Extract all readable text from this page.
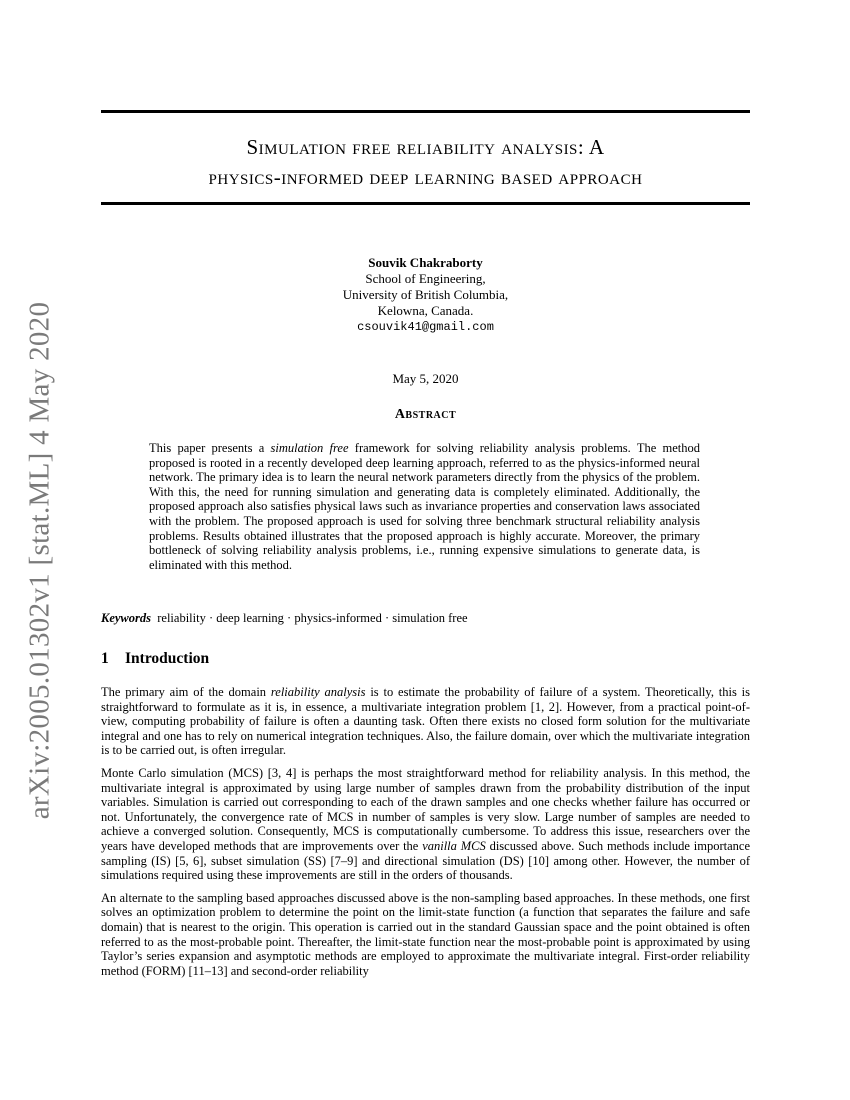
arXiv:2005.01302v1 [stat.ML] 4 May 2020
Simulation free reliability analysis: A
physics-informed deep learning based approach
Souvik Chakraborty
School of Engineering,
University of British Columbia,
Kelowna, Canada.
csouvik41@gmail.com
May 5, 2020
Abstract
This paper presents a simulation free framework for solving reliability analysis problems. The method proposed is rooted in a recently developed deep learning approach, referred to as the physics-informed neural network. The primary idea is to learn the neural network parameters directly from the physics of the problem. With this, the need for running simulation and generating data is completely eliminated. Additionally, the proposed approach also satisfies physical laws such as invariance properties and conservation laws associated with the problem. The proposed approach is used for solving three benchmark structural reliability analysis problems. Results obtained illustrates that the proposed approach is highly accurate. Moreover, the primary bottleneck of solving reliability analysis problems, i.e., running expensive simulations to generate data, is eliminated with this method.
Keywords reliability · deep learning · physics-informed · simulation free
1 Introduction

The primary aim of the domain reliability analysis is to estimate the probability of failure of a system. Theoretically, this is straightforward to formulate as it is, in essence, a multivariate integration problem [1, 2]. However, from a practical point-of-view, computing probability of failure is often a daunting task. Often there exists no closed form solution for the multivariate integral and one has to rely on numerical integration techniques. Also, the failure domain, over which the multivariate integration is to be carried out, is often irregular.

Monte Carlo simulation (MCS) [3, 4] is perhaps the most straightforward method for reliability analysis. In this method, the multivariate integral is approximated by using large number of samples drawn from the probability distribution of the input variables. Simulation is carried out corresponding to each of the drawn samples and one checks whether failure has occurred or not. Unfortunately, the convergence rate of MCS in number of samples is very slow. Large number of samples are needed to achieve a converged solution. Consequently, MCS is computationally cumbersome. To address this issue, researchers over the years have developed methods that are improvements over the vanilla MCS discussed above. Such methods include importance sampling (IS) [5, 6], subset simulation (SS) [7–9] and directional simulation (DS) [10] among other. However, the number of simulations required using these improvements are still in the orders of thousands.

An alternate to the sampling based approaches discussed above is the non-sampling based approaches. In these methods, one first solves an optimization problem to determine the point on the limit-state function (a function that separates the failure and safe domain) that is nearest to the origin. This operation is carried out in the standard Gaussian space and the point obtained is often referred to as the most-probable point. Thereafter, the limit-state function near the most-probable point is approximated by using Taylor’s series expansion and asymptotic methods are employed to approximate the multivariate integral. First-order reliability method (FORM) [11–13] and second-order reliability
